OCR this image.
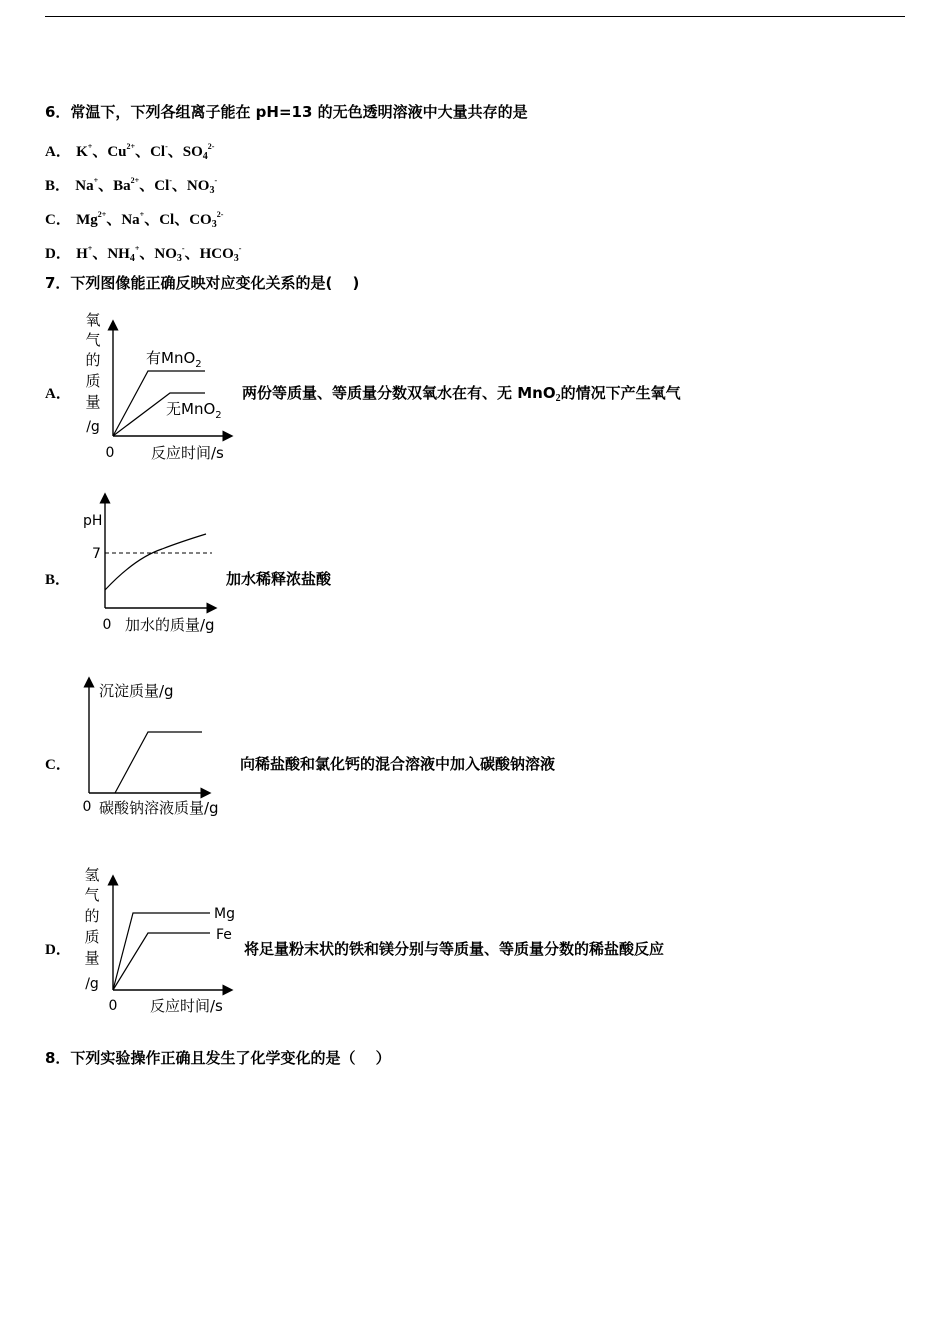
6．常温下，下列各组离子能在 pH=13 的无色透明溶液中大量共存的是
A． K+、$Cu^{2+}$、Cl-、$SO_4^{2-}$
B． Na+、$Ba^{2+}$、Cl-、$NO_3^-$
C． $Mg^{2+}$、Na+、Cl、$CO_3^{2-}$
D． H+、$NH_4^+$、$NO_3^-$、$HCO_3^-$
7．下列图像能正确反映对应变化关系的是(　 )
A．
氧
气
的
质
量
/g
有MnO$_2$
无MnO$_2$
0 反应时间/s
两份等质量、等质量分数双氧水在有、无 MnO$_2$的情况下产生氧气
B．
pH
7
0 加水的质量/g
加水稀释浓盐酸
C．
沉淀质量/g
0 碳酸钠溶液质量/g
向稀盐酸和氯化钙的混合溶液中加入碳酸钠溶液
D．
氢
气
的
质
量
/g
Mg
Fe
0 反应时间/s
将足量粉末状的铁和镁分别与等质量、等质量分数的稀盐酸反应
8．下列实验操作正确且发生了化学变化的是（　 ）
